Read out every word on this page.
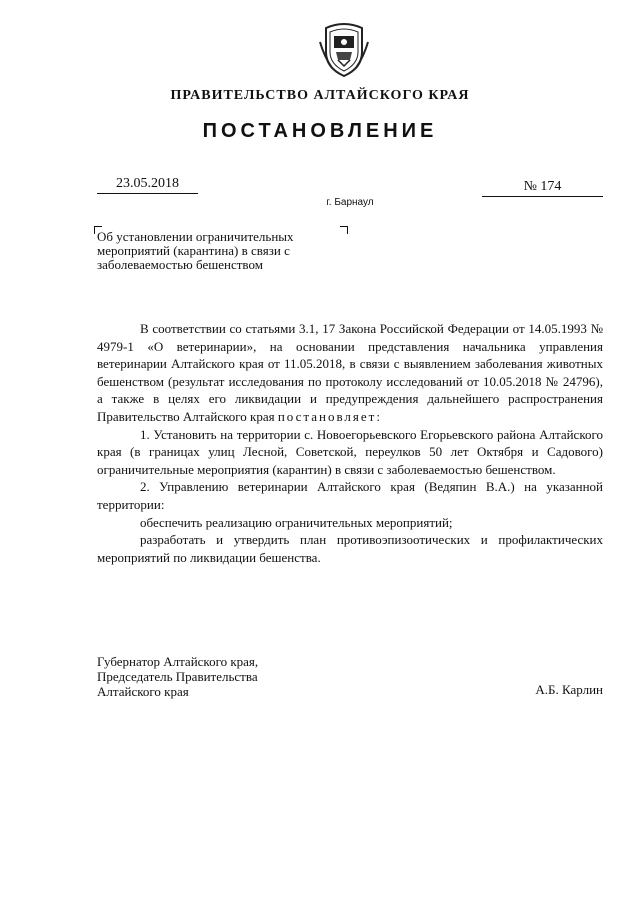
ПРАВИТЕЛЬСТВО АЛТАЙСКОГО КРАЯ
ПОСТАНОВЛЕНИЕ
23.05.2018	№ 174
г. Барнаул
Об установлении ограничительных
мероприятий (карантина) в связи с
заболеваемостью бешенством

В соответствии со статьями 3.1, 17 Закона Российской Федерации от 14.05.1993 № 4979-1 «О ветеринарии», на основании представления начальника управления ветеринарии Алтайского края от 11.05.2018, в связи с выявлением заболевания животных бешенством (результат исследования по протоколу исследований от 10.05.2018 № 24796), а также в целях его ликвидации и предупреждения дальнейшего распространения Правительство Алтайского края постановляет:

1. Установить на территории с. Новоегорьевского Егорьевского района Алтайского края (в границах улиц Лесной, Советской, переулков 50 лет Октября и Садового) ограничительные мероприятия (карантин) в связи с заболеваемостью бешенством.

2. Управлению ветеринарии Алтайского края (Ведяпин В.А.) на указанной территории:

обеспечить реализацию ограничительных мероприятий;

разработать и утвердить план противоэпизоотических и профилактических мероприятий по ликвидации бешенства.

Губернатор Алтайского края,
Председатель Правительства
Алтайского края	А.Б. Карлин
